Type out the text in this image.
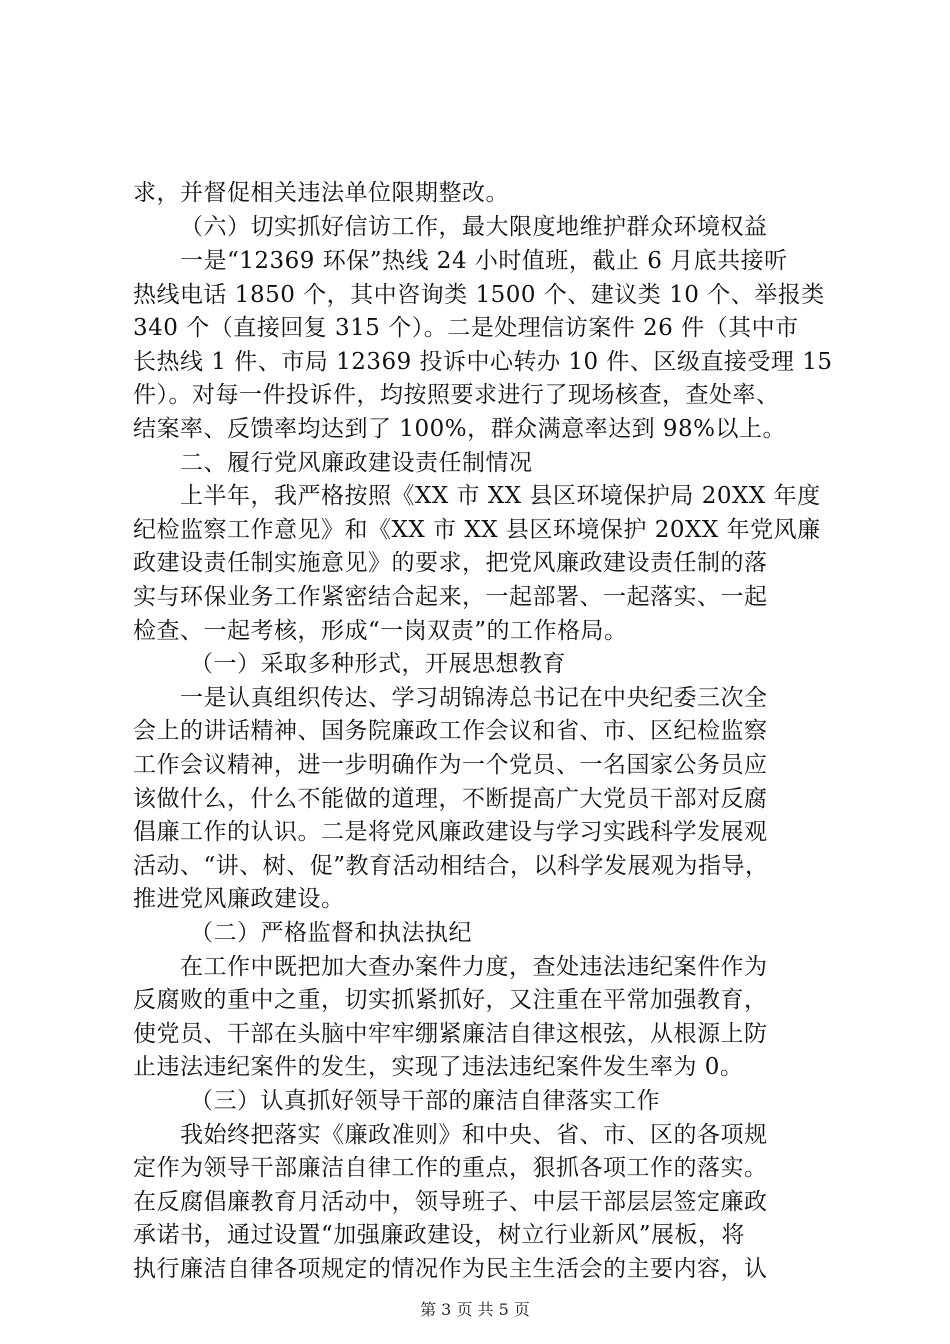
求，并督促相关违法单位限期整改。
（六）切实抓好信访工作，最大限度地维护群众环境权益
一是“12369 环保”热线 24 小时值班，截止 6 月底共接听
热线电话 1850 个，其中咨询类 1500 个、建议类 10 个、举报类
340 个（直接回复 315 个）。二是处理信访案件 26 件（其中市
长热线 1 件、市局 12369 投诉中心转办 10 件、区级直接受理 15
件）。对每一件投诉件，均按照要求进行了现场核查，查处率、
结案率、反馈率均达到了 100%，群众满意率达到 98%以上。
二、履行党风廉政建设责任制情况
上半年，我严格按照《XX 市 XX 县区环境保护局 20XX 年度
纪检监察工作意见》和《XX 市 XX 县区环境保护 20XX 年党风廉
政建设责任制实施意见》的要求，把党风廉政建设责任制的落
实与环保业务工作紧密结合起来，一起部署、一起落实、一起
检查、一起考核，形成“一岗双责”的工作格局。
（一）采取多种形式，开展思想教育
一是认真组织传达、学习胡锦涛总书记在中央纪委三次全
会上的讲话精神、国务院廉政工作会议和省、市、区纪检监察
工作会议精神，进一步明确作为一个党员、一名国家公务员应
该做什么，什么不能做的道理，不断提高广大党员干部对反腐
倡廉工作的认识。二是将党风廉政建设与学习实践科学发展观
活动、“讲、树、促”教育活动相结合，以科学发展观为指导，
推进党风廉政建设。
（二）严格监督和执法执纪
在工作中既把加大查办案件力度，查处违法违纪案件作为
反腐败的重中之重，切实抓紧抓好，又注重在平常加强教育，
使党员、干部在头脑中牢牢绷紧廉洁自律这根弦，从根源上防
止违法违纪案件的发生，实现了违法违纪案件发生率为 0。
（三）认真抓好领导干部的廉洁自律落实工作
我始终把落实《廉政准则》和中央、省、市、区的各项规
定作为领导干部廉洁自律工作的重点，狠抓各项工作的落实。
在反腐倡廉教育月活动中，领导班子、中层干部层层签定廉政
承诺书，通过设置“加强廉政建设，树立行业新风”展板，将
执行廉洁自律各项规定的情况作为民主生活会的主要内容，认
第 3 页 共 5 页
